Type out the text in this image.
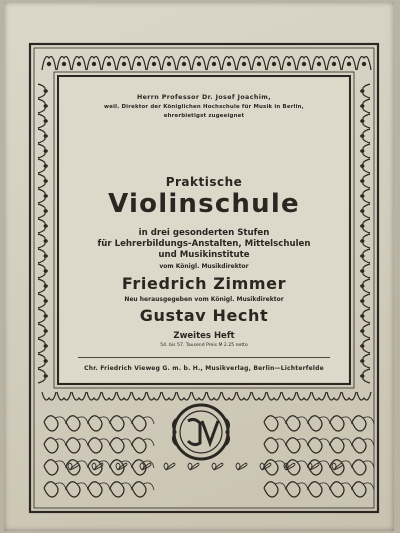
Herrn Professor Dr. Josef Joachim,
weil. Direktor der Königlichen Hochschule für Musik in Berlin,
ehrerbietigst zugeeignet
Praktische
Violinschule
in drei gesonderten Stufen
für Lehrerbildungs-Anstalten, Mittelschulen
und Musikinstitute
vom Königl. Musikdirektor
Friedrich Zimmer
Neu herausgegeben vom Königl. Musikdirektor
Gustav Hecht
Zweites Heft
54. bis 57. Tausend Preis M 2.25 netto
Chr. Friedrich Vieweg G. m. b. H., Musikverlag, Berlin—Lichterfelde
